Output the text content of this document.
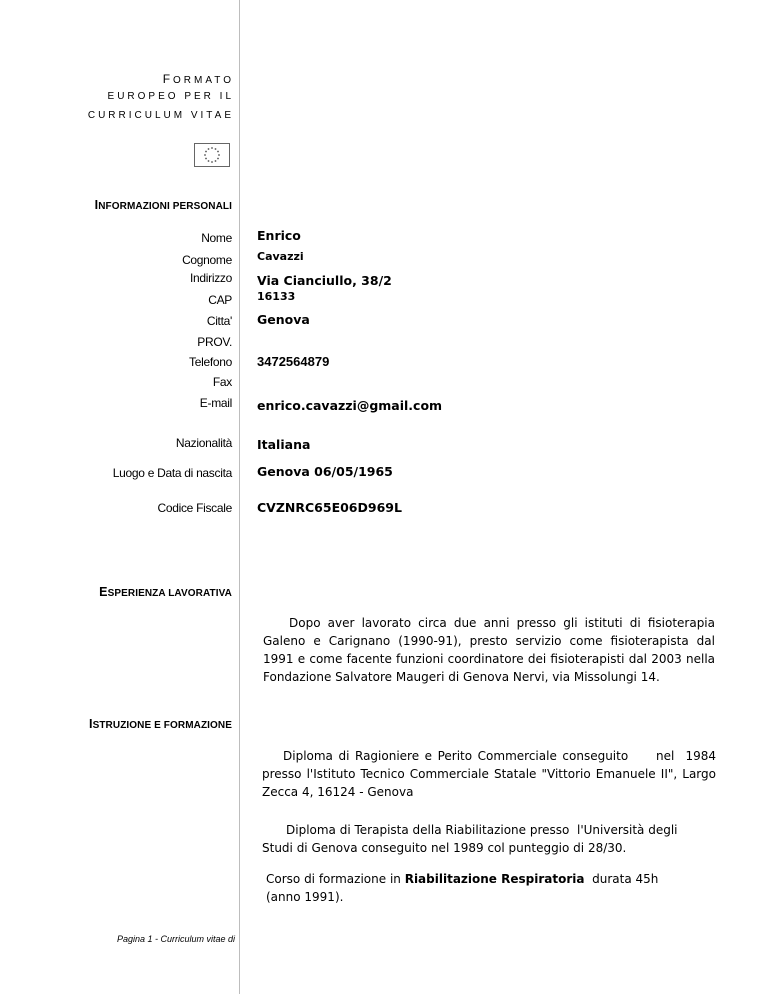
FORMATO
EUROPEO PER IL
CURRICULUM VITAE
INFORMAZIONI PERSONALI
Nome Enrico
Cognome Cavazzi
Indirizzo Via Cianciullo, 38/2
CAP 16133
Citta' Genova
PROV.
Telefono 3472564879
Fax
E-mail enrico.cavazzi@gmail.com
Nazionalità Italiana
Luogo e Data di nascita Genova 06/05/1965
Codice Fiscale CVZNRC65E06D969L
ESPERIENZA LAVORATIVA
Dopo aver lavorato circa due anni presso gli istituti di fisioterapia Galeno e Carignano (1990-91), presto servizio come fisioterapista dal 1991 e come facente funzioni coordinatore dei fisioterapisti dal 2003 nella Fondazione Salvatore Maugeri di Genova Nervi, via Missolungi 14.
ISTRUZIONE E FORMAZIONE
Diploma di Ragioniere e Perito Commerciale conseguito     nel  1984 presso l'Istituto Tecnico Commerciale Statale "Vittorio Emanuele II", Largo Zecca 4, 16124 - Genova
Diploma di Terapista della Riabilitazione presso  l'Università degli
Studi di Genova conseguito nel 1989 col punteggio di 28/30.
Corso di formazione in Riabilitazione Respiratoria  durata 45h
(anno 1991).
Pagina 1 - Curriculum vitae di
